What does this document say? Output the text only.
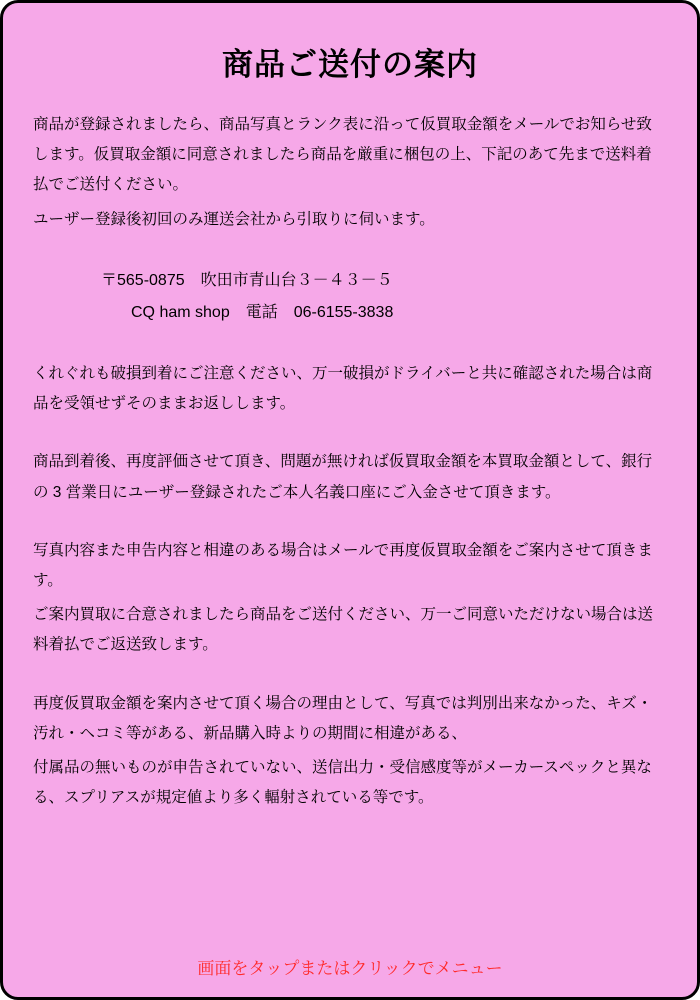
商品ご送付の案内

商品が登録されましたら、商品写真とランク表に沿って仮買取金額をメールでお知らせ致します。仮買取金額に同意されましたら商品を厳重に梱包の上、下記のあて先まで送料着払でご送付ください。

ユーザー登録後初回のみ運送会社から引取りに伺います。

〒565-0875　吹田市青山台３－４３－５
CQ ham shop　電話　06-6155-3838

くれぐれも破損到着にご注意ください、万一破損がドライバーと共に確認された場合は商品を受領せずそのままお返しします。

商品到着後、再度評価させて頂き、問題が無ければ仮買取金額を本買取金額として、銀行の 3 営業日にユーザー登録されたご本人名義口座にご入金させて頂きます。

写真内容また申告内容と相違のある場合はメールで再度仮買取金額をご案内させて頂きます。

ご案内買取に合意されましたら商品をご送付ください、万一ご同意いただけない場合は送料着払でご返送致します。

再度仮買取金額を案内させて頂く場合の理由として、写真では判別出来なかった、キズ・汚れ・ヘコミ等がある、新品購入時よりの期間に相違がある、

付属品の無いものが申告されていない、送信出力・受信感度等がメーカースペックと異なる、スプリアスが規定値より多く輻射されている等です。

画面をタップまたはクリックでメニュー
